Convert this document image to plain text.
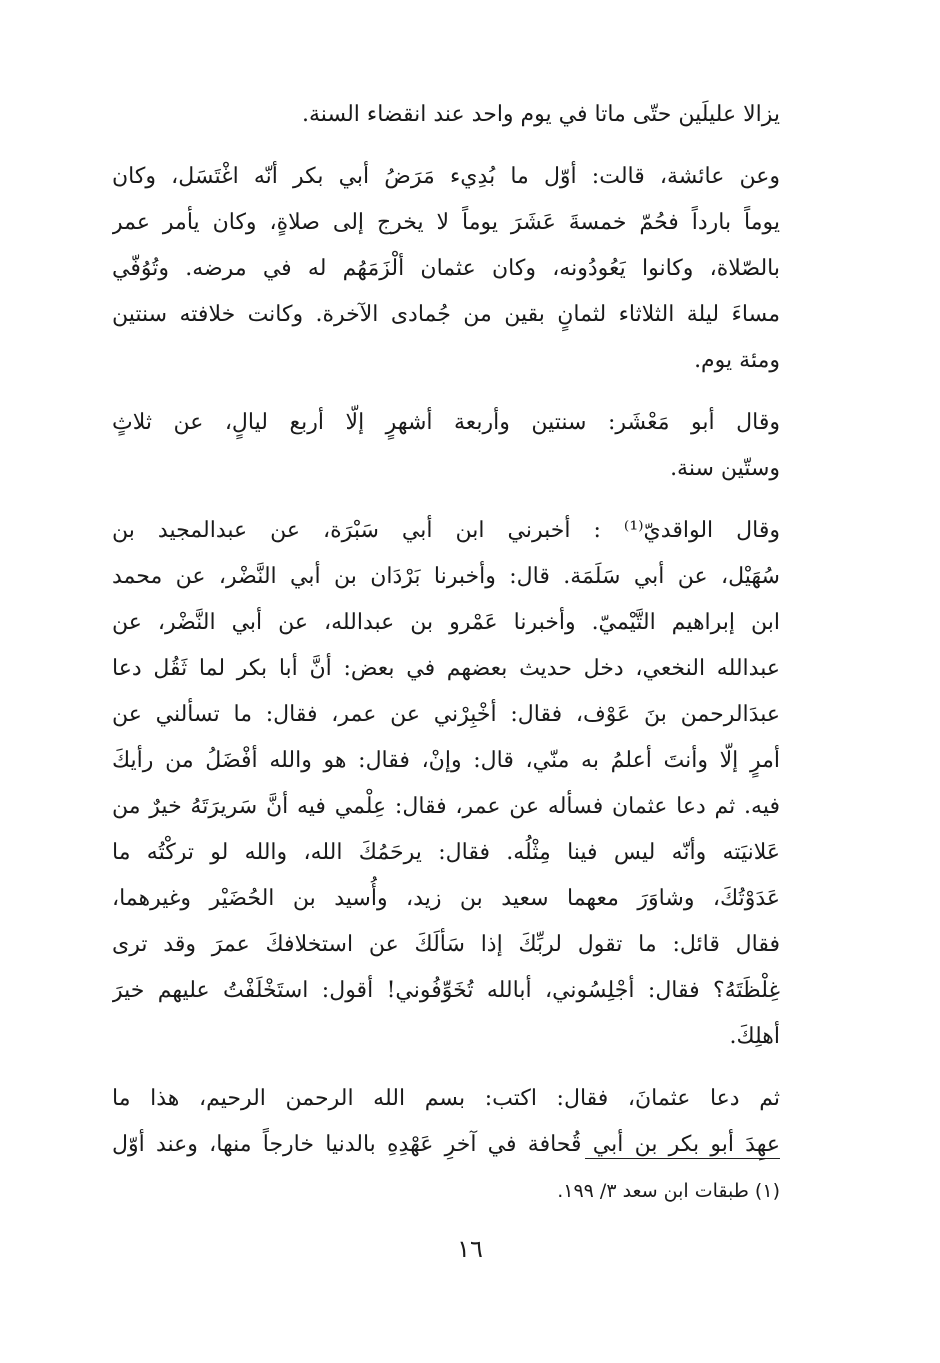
يزالا عليلَين حتّى ماتا في يوم واحد عند انقضاء السنة.
وعن عائشة، قالت: أوّل ما بُدِيء مَرَضُ أبي بكر أنّه اغْتَسَل، وكان
يوماً بارداً فحُمّ خمسةَ عَشَرَ يوماً لا يخرج إلى صلاةٍ، وكان يأمر عمر
بالصّلاة، وكانوا يَعُودُونه، وكان عثمان ألْزَمَهُم له في مرضه. وتُوُفّي
مساءَ ليلة الثلاثاء لثمانٍ بقين من جُمادى الآخرة. وكانت خلافته سنتين
ومئة يوم.
وقال أبو مَعْشَر: سنتين وأربعة أشهرٍ إلّا أربع ليالٍ، عن ثلاثٍ
وستّين سنة.
وقال الواقديّ⁽¹⁾ : أخبرني ابن أبي سَبْرَة، عن عبدالمجيد بن
سُهَيْل، عن أبي سَلَمَة. قال: وأخبرنا بَرْدَان بن أبي النَّضْر، عن محمد
ابن إبراهيم التَّيْميّ. وأخبرنا عَمْرو بن عبدالله، عن أبي النَّضْر، عن
عبدالله النخعي، دخل حديث بعضهم في بعض: أنَّ أبا بكر لما ثَقُل دعا
عبدَالرحمن بنَ عَوْف، فقال: أخْبِرْني عن عمر، فقال: ما تسألني عن
أمرٍ إلّا وأنتَ أعلمُ به منّي، قال: وإنْ، فقال: هو والله أفْضَلُ من رأيكَ
فيه. ثم دعا عثمان فسأله عن عمر، فقال: عِلْمي فيه أنَّ سَريرَتَهُ خيرٌ من
عَلانيَته وأنّه ليس فينا مِثْلُه. فقال: يرحَمُكَ الله، والله لو تركْتُه ما
عَدَوْتُكَ، وشاوَرَ معهما سعيد بن زيد، وأُسيد بن الحُضَيْر وغيرهما،
فقال قائل: ما تقول لربِّكَ إذا سَألَكَ عن استخلافكَ عمرَ وقد ترى
غِلْظَتَهُ؟ فقال: أجْلِسُوني، أبالله تُخَوِّفُوني! أقول: استَخْلَفْتُ عليهم خيرَ
أهلِكَ.
ثم دعا عثمانَ، فقال: اكتب: بسم الله الرحمن الرحيم، هذا ما
عهِدَ أبو بكر بن أبي قُحافة في آخرِ عَهْدِهِ بالدنيا خارجاً منها، وعند أوّل
(١) طبقات ابن سعد ٣/ ١٩٩.
١٦
